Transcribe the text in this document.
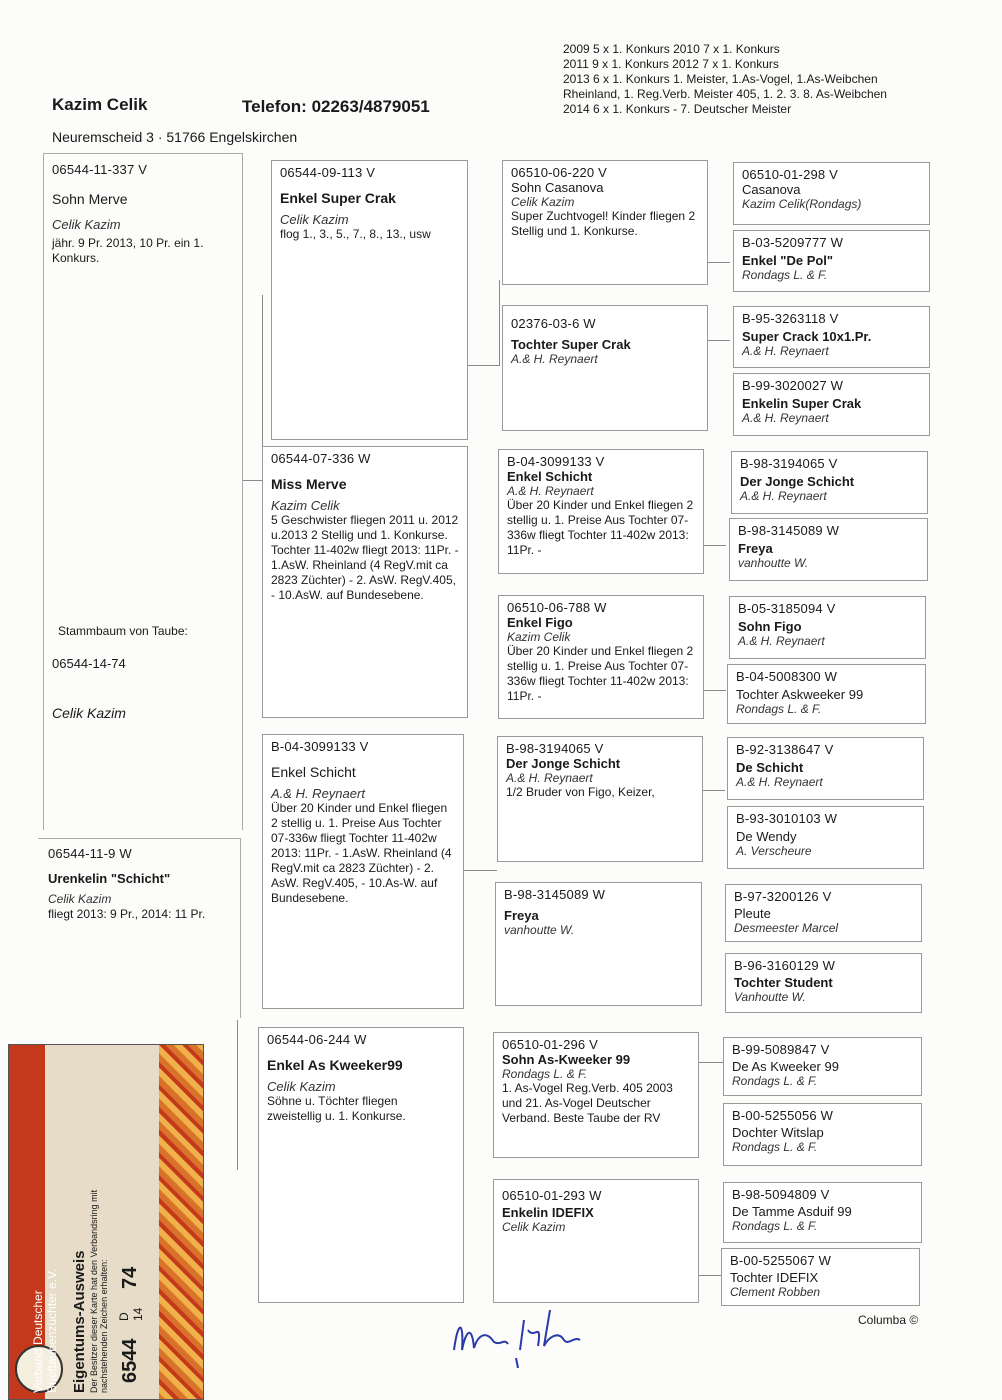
Kazim Celik	Telefon: 02263/4879051
Neuremscheid 3 · 51766 Engelskirchen
2009 5 x 1. Konkurs 2010 7 x 1. Konkurs
2011 9 x 1. Konkurs 2012 7 x 1. Konkurs
2013 6 x 1. Konkurs 1. Meister, 1.As-Vogel, 1.As-Weibchen
Rheinland, 1. Reg.Verb. Meister 405, 1. 2. 3. 8. As-Weibchen
2014 6 x 1. Konkurs - 7. Deutscher Meister
06544-11-337 V
Sohn Merve
Celik Kazim
jähr. 9 Pr. 2013, 10 Pr. ein 1. Konkurs.
Stammbaum von Taube:
06544-14-74
Celik Kazim
06544-11-9 W
Urenkelin "Schicht"
Celik Kazim
fliegt 2013: 9 Pr., 2014: 11 Pr.
06544-09-113 V
Enkel Super Crak
Celik Kazim
flog 1., 3., 5., 7., 8., 13., usw
06544-07-336 W
Miss Merve
Kazim Celik
5 Geschwister fliegen 2011 u. 2012 u.2013 2 Stellig und 1. Konkurse. Tochter 11-402w fliegt 2013: 11Pr. - 1.AsW. Rheinland (4 RegV.mit ca 2823 Züchter) - 2. AsW. RegV.405, - 10.AsW. auf Bundesebene.
B-04-3099133 V
Enkel Schicht
A.& H. Reynaert
Über 20 Kinder und Enkel fliegen 2 stellig u. 1. Preise Aus Tochter 07-336w fliegt Tochter 11-402w 2013: 11Pr. - 1.AsW. Rheinland (4 RegV.mit ca 2823 Züchter) - 2. AsW. RegV.405, - 10.As-W. auf Bundesebene.
06544-06-244 W
Enkel As Kweeker99
Celik Kazim
Söhne u. Töchter fliegen zweistellig u. 1. Konkurse.
06510-06-220 V
Sohn Casanova
Celik Kazim
Super Zuchtvogel! Kinder fliegen 2 Stellig und 1. Konkurse.
02376-03-6 W
Tochter Super Crak
A.& H. Reynaert
B-04-3099133 V
Enkel Schicht
A.& H. Reynaert
Über 20 Kinder und Enkel fliegen 2 stellig u. 1. Preise Aus Tochter 07-336w fliegt Tochter 11-402w 2013: 11Pr. -
06510-06-788 W
Enkel Figo
Kazim Celik
Über 20 Kinder und Enkel fliegen 2 stellig u. 1. Preise Aus Tochter 07-336w fliegt Tochter 11-402w 2013: 11Pr. -
B-98-3194065 V
Der Jonge Schicht
A.& H. Reynaert
1/2 Bruder von Figo, Keizer,
B-98-3145089 W
Freya
vanhoutte W.
06510-01-296 V
Sohn As-Kweeker 99
Rondags L. & F.
1. As-Vogel Reg.Verb. 405 2003 und 21. As-Vogel Deutscher Verband. Beste Taube der RV
06510-01-293 W
Enkelin IDEFIX
Celik Kazim
06510-01-298 V
Casanova
Kazim Celik(Rondags)
B-03-5209777 W
Enkel "De Pol"
Rondags L. & F.
B-95-3263118 V
Super Crack 10x1.Pr.
A.& H. Reynaert
B-99-3020027 W
Enkelin Super Crak
A.& H. Reynaert
B-98-3194065 V
Der Jonge Schicht
A.& H. Reynaert
B-98-3145089 W
Freya
vanhoutte W.
B-05-3185094 V
Sohn Figo
A.& H. Reynaert
B-04-5008300 W
Tochter Askweeker 99
Rondags L. & F.
B-92-3138647 V
De Schicht
A.& H. Reynaert
B-93-3010103 W
De Wendy
A. Verscheure
B-97-3200126 V
Pleute
Desmeester Marcel
B-96-3160129 W
Tochter Student
Vanhoutte W.
B-99-5089847 V
De As Kweeker 99
Rondags L. & F.
B-00-5255056 W
Dochter Witslap
Rondags L. & F.
B-98-5094809 V
De Tamme Asduif 99
Rondags L. & F.
B-00-5255067 W
Tochter IDEFIX
Clement Robben
Verband Deutscher Brieftaubenzüchter e.V. Eigentums-Ausweis Der Besitzer dieser Karte hat den Verbandsring mit nachstehenden Zeichen erhalten: 6544
D 14
74
Columba ©
